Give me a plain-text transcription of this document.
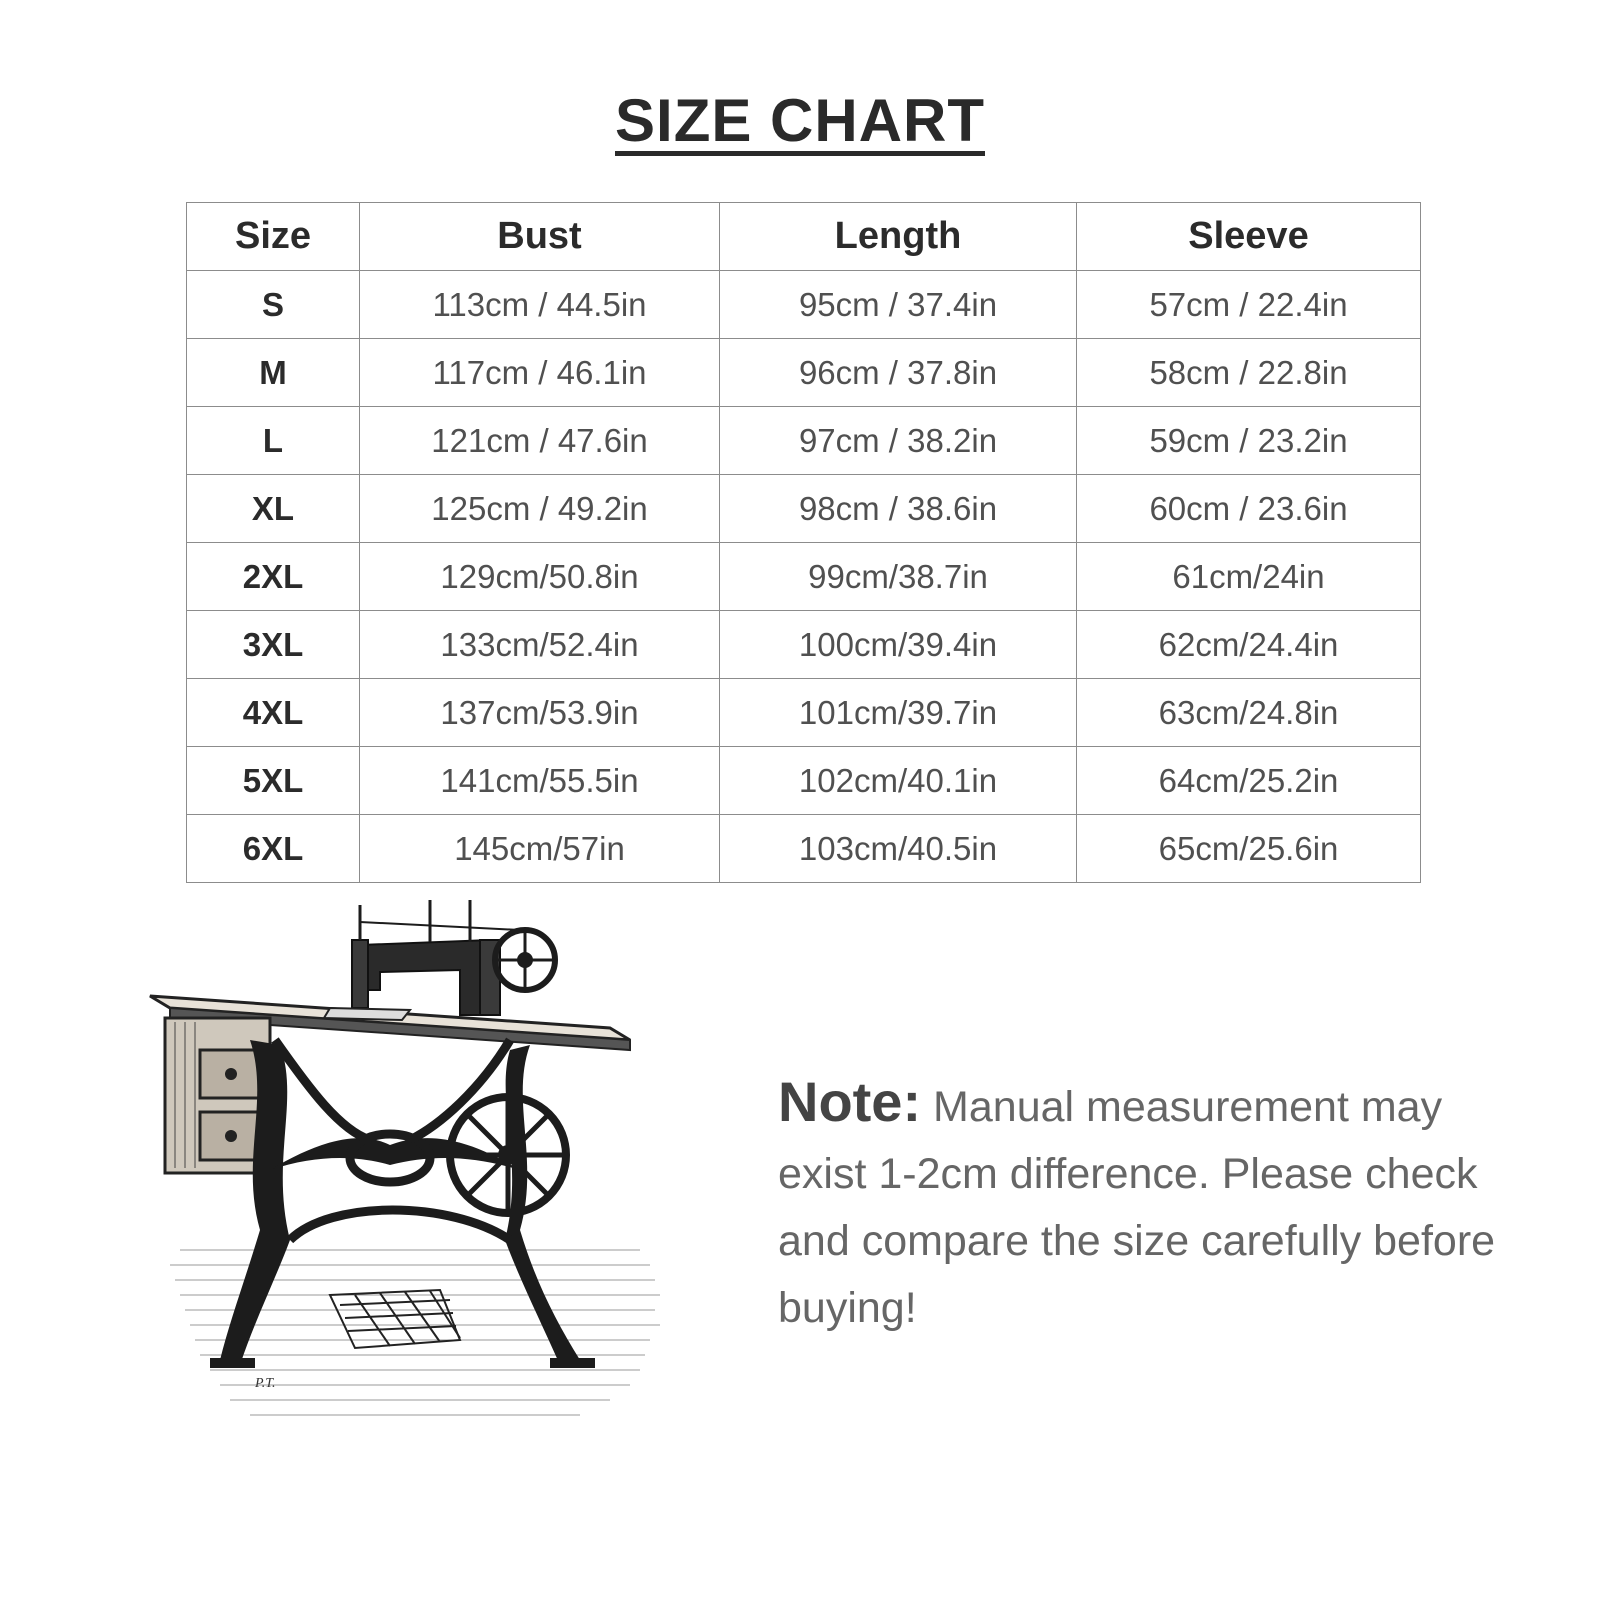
SIZE CHART
Size	Bust	Length	Sleeve
S	113cm / 44.5in	95cm / 37.4in	57cm / 22.4in
M	117cm / 46.1in	96cm / 37.8in	58cm / 22.8in
L	121cm / 47.6in	97cm / 38.2in	59cm / 23.2in
XL	125cm / 49.2in	98cm / 38.6in	60cm / 23.6in
2XL	129cm/50.8in	99cm/38.7in	61cm/24in
3XL	133cm/52.4in	100cm/39.4in	62cm/24.4in
4XL	137cm/53.9in	101cm/39.7in	63cm/24.8in
5XL	141cm/55.5in	102cm/40.1in	64cm/25.2in
6XL	145cm/57in	103cm/40.5in	65cm/25.6in
P.T.
Note: Manual measurement may exist 1-2cm difference. Please check and compare the size carefully before buying!
